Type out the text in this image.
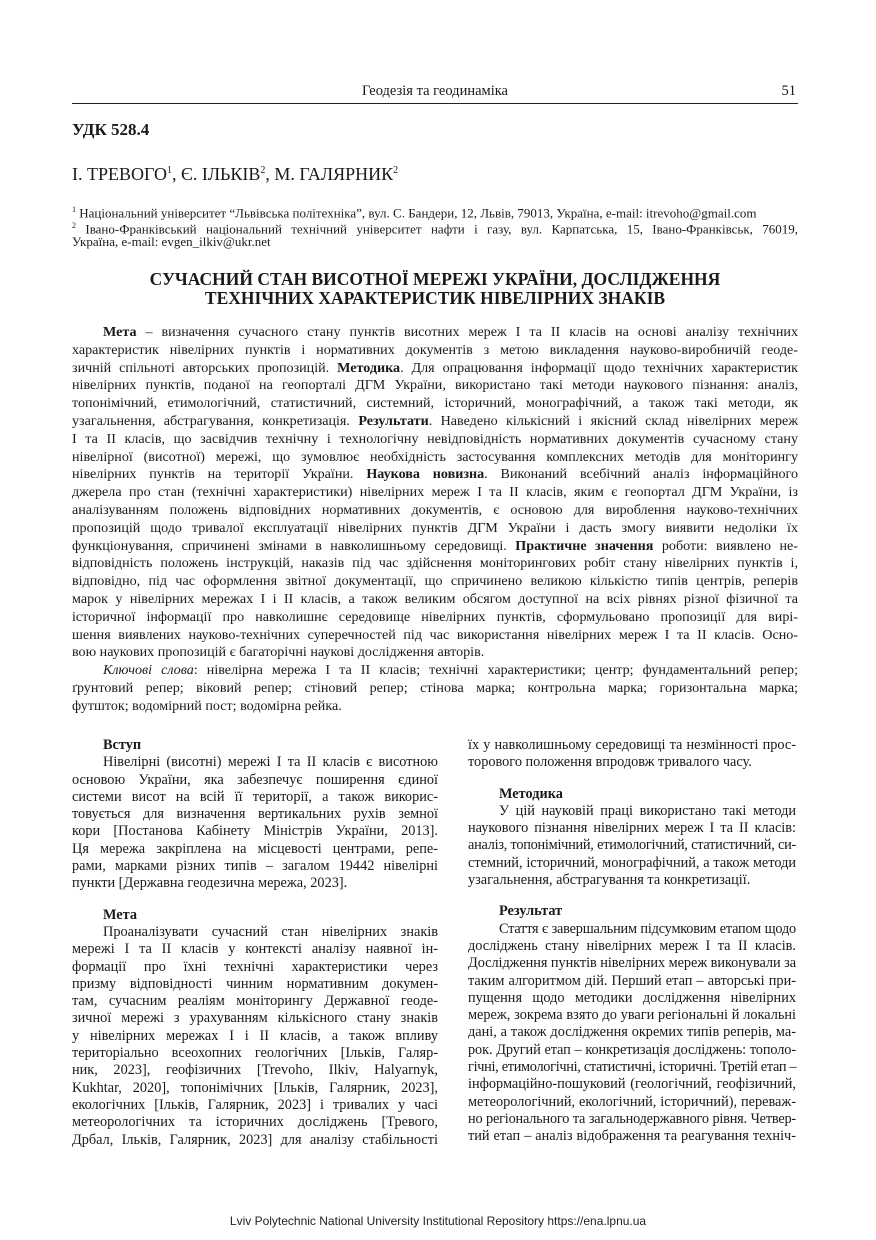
Геодезія та геодинаміка	51
УДК 528.4
І. ТРЕВОГО$^1$, Є. ІЛЬКІВ$^2$, М. ГАЛЯРНИК$^2$
$^1$ Національний університет “Львівська політехніка”, вул. С. Бандери, 12, Львів, 79013, Україна, e-mail: itrevoho@gmail.com
$^2$ Івано-Франківський національний технічний університет нафти і газу, вул. Карпатська, 15, Івано-Франківськ, 76019,
Україна, e-mail: evgen_ilkiv@ukr.net
СУЧАСНИЙ СТАН ВИСОТНОЇ МЕРЕЖІ УКРАЇНИ, ДОСЛІДЖЕННЯ
ТЕХНІЧНИХ ХАРАКТЕРИСТИК НІВЕЛІРНИХ ЗНАКІВ
Мета – визначення сучасного стану пунктів висотних мереж I та II класів на основі аналізу технічних
характеристик нівелірних пунктів і нормативних документів з метою викладення науково-виробничій геоде-
зичній спільноті авторських пропозицій. Методика. Для опрацювання інформації щодо технічних характеристик
нівелірних пунктів, поданої на геопорталі ДГМ України, використано такі методи наукового пізнання: аналіз,
топонімічний, етимологічний, статистичний, системний, історичний, монографічний, а також такі методи, як
узагальнення, абстрагування, конкретизація. Результати. Наведено кількісний і якісний склад нівелірних мереж
I та II класів, що засвідчив технічну і технологічну невідповідність нормативних документів сучасному стану
нівелірної (висотної) мережі, що зумовлює необхідність застосування комплексних методів для моніторингу
нівелірних пунктів на території України. Наукова новизна. Виконаний всебічний аналіз інформаційного
джерела про стан (технічні характеристики) нівелірних мереж I та II класів, яким є геопортал ДГМ України, із
аналізуванням положень відповідних нормативних документів, є основою для вироблення науково-технічних
пропозицій щодо тривалої експлуатації нівелірних пунктів ДГМ України і дасть змогу виявити недоліки їх
функціонування, спричинені змінами в навколишньому середовищі. Практичне значення роботи: виявлено не-
відповідність положень інструкцій, наказів під час здійснення моніторингових робіт стану нівелірних пунктів і,
відповідно, під час оформлення звітної документації, що спричинено великою кількістю типів центрів, реперів
марок у нівелірних мережах I і II класів, а також великим обсягом доступної на всіх рівнях різної фізичної та
історичної інформації про навколишнє середовище нівелірних пунктів, сформульовано пропозиції для вирі-
шення виявлених науково-технічних суперечностей під час використання нівелірних мереж I та II класів. Осно-
вою наукових пропозицій є багаторічні наукові дослідження авторів.
Ключові слова: нівелірна мережа I та II класів; технічні характеристики; центр; фундаментальний репер;
ґрунтовий репер; віковий репер; стіновий репер; стінова марка; контрольна марка; горизонтальна марка;
футшток; водомірний пост; водомірна рейка.
Вступ
Нівелірні (висотні) мережі I та II класів є висотною
основою України, яка забезпечує поширення єдиної
системи висот на всій її території, а також викорис-
товується для визначення вертикальних рухів земної
кори [Постанова Кабінету Міністрів України, 2013].
Ця мережа закріплена на місцевості центрами, репе-
рами, марками різних типів – загалом 19442 нівелірні
пункти [Державна геодезична мережа, 2023].
Мета
Проаналізувати сучасний стан нівелірних знаків
мережі I та II класів у контексті аналізу наявної ін-
формації про їхні технічні характеристики через
призму відповідності чинним нормативним докумен-
там, сучасним реаліям моніторингу Державної геоде-
зичної мережі з урахуванням кількісного стану знаків
у нівелірних мережах I і II класів, а також впливу
територіально всеохопних геологічних [Ільків, Галяр-
ник, 2023], геофізичних [Trevoho, Ilkiv, Halyarnyk,
Kukhtar, 2020], топонімічних [Ільків, Галярник, 2023],
екологічних [Ільків, Галярник, 2023] і тривалих у часі
метеорологічних та історичних досліджень [Тревого,
Дрбал, Ільків, Галярник, 2023] для аналізу стабільності
їх у навколишньому середовищі та незмінності прос-
торового положення впродовж тривалого часу.
Методика
У цій науковій праці використано такі методи
наукового пізнання нівелірних мереж I та II класів:
аналіз, топонімічний, етимологічний, статистичний, си-
стемний, історичний, монографічний, а також методи
узагальнення, абстрагування та конкретизації.
Результат
Стаття є завершальним підсумковим етапом щодо
досліджень стану нівелірних мереж I та II класів.
Дослідження пунктів нівелірних мереж виконували за
таким алгоритмом дій. Перший етап – авторські при-
пущення щодо методики дослідження нівелірних
мереж, зокрема взято до уваги регіональні й локальні
дані, а також дослідження окремих типів реперів, ма-
рок. Другий етап – конкретизація досліджень: тополо-
гічні, етимологічні, статистичні, історичні. Третій етап –
інформаційно-пошуковий (геологічний, геофізичний,
метеорологічний, екологічний, історичний), переваж-
но регіонального та загальнодержавного рівня. Четвер-
тий етап – аналіз відображення та реагування техніч-
Lviv Polytechnic National University Institutional Repository https://ena.lpnu.ua
